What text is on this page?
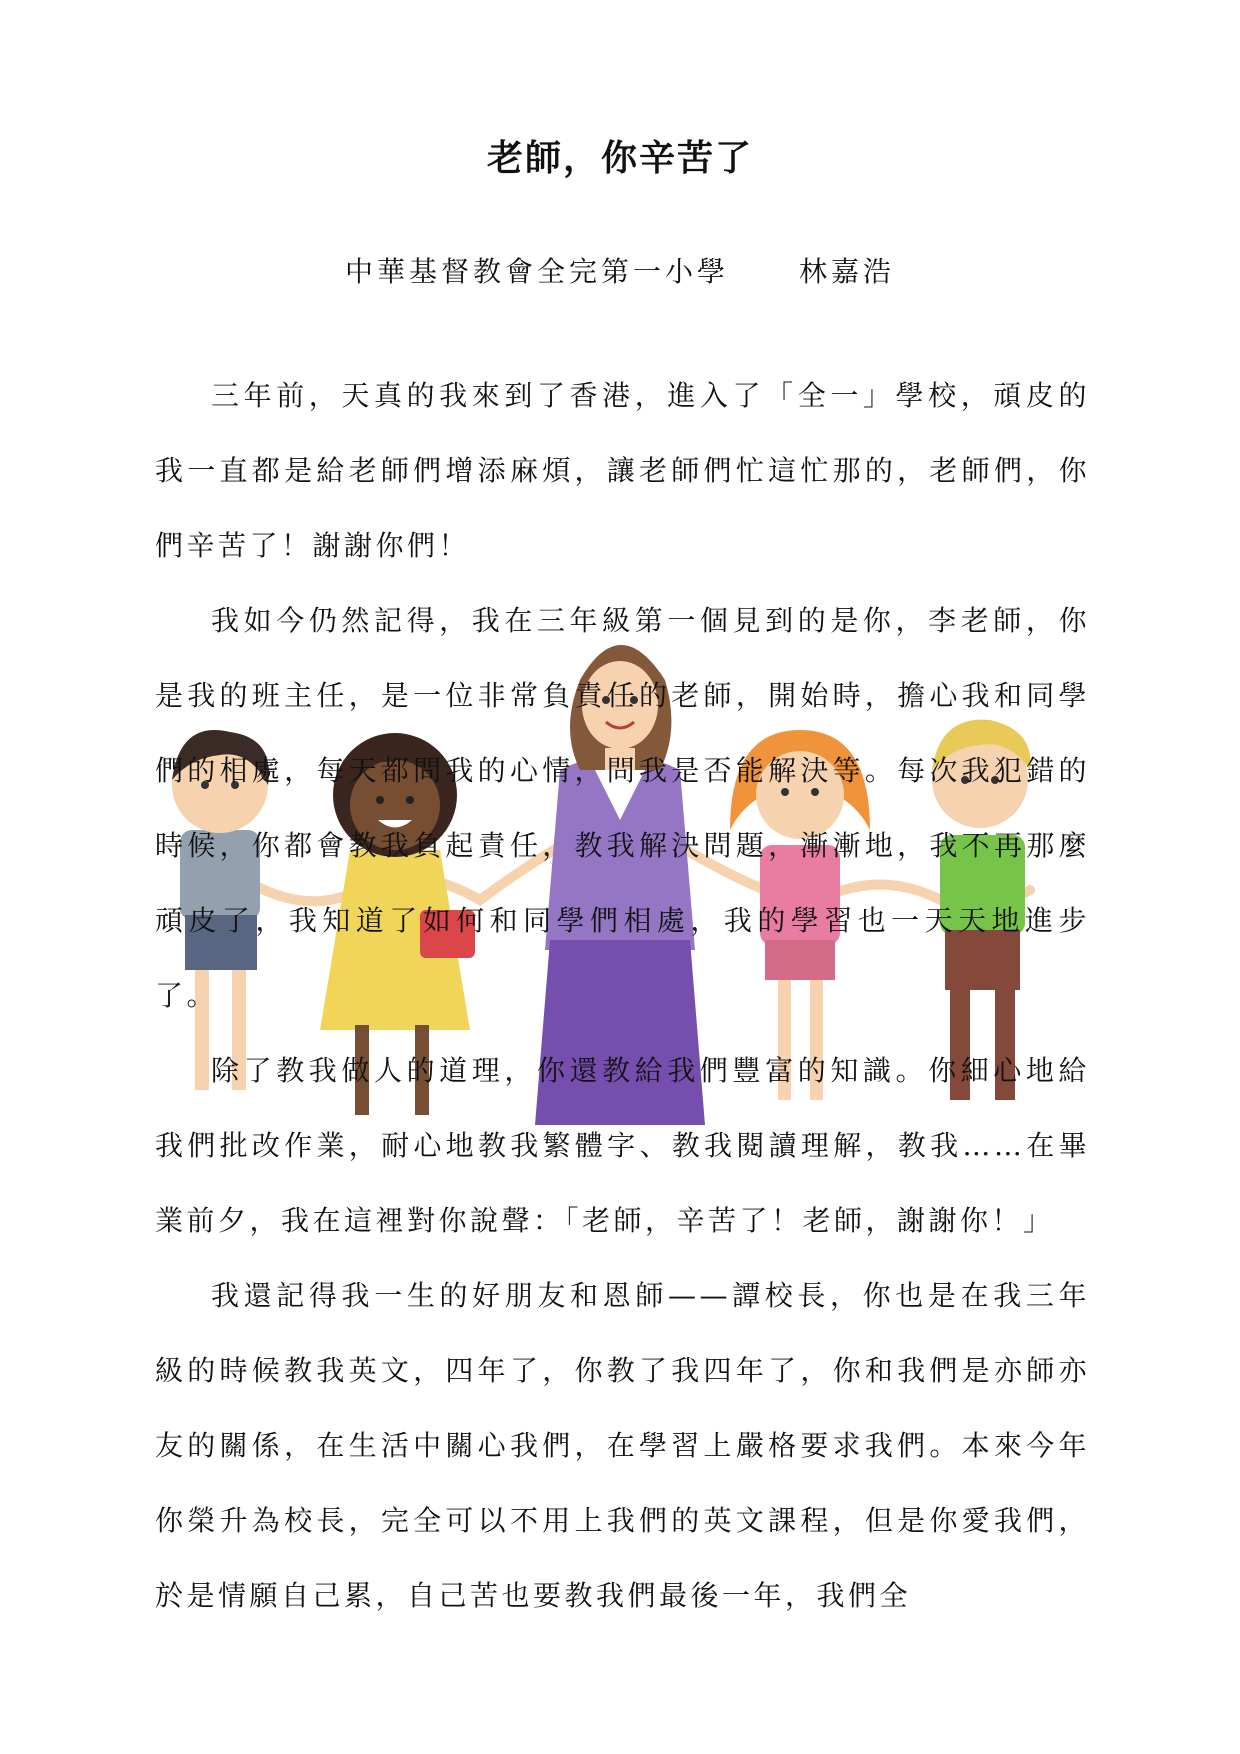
老師，你辛苦了
中華基督教會全完第一小學	林嘉浩

三年前，天真的我來到了香港，進入了「全一」學校，頑皮的我一直都是給老師們增添麻煩，讓老師們忙這忙那的，老師們，你們辛苦了！謝謝你們！

我如今仍然記得，我在三年級第一個見到的是你，李老師，你是我的班主任，是一位非常負責任的老師，開始時，擔心我和同學們的相處，每天都問我的心情，問我是否能解決等。每次我犯錯的時候，你都會教我負起責任，教我解決問題，漸漸地，我不再那麼頑皮了，我知道了如何和同學們相處，我的學習也一天天地進步了。

除了教我做人的道理，你還教給我們豐富的知識。你細心地給我們批改作業，耐心地教我繁體字、教我閱讀理解，教我……在畢業前夕，我在這裡對你說聲：「老師，辛苦了！老師，謝謝你！」

我還記得我一生的好朋友和恩師——譚校長，你也是在我三年級的時候教我英文，四年了，你教了我四年了，你和我們是亦師亦友的關係，在生活中關心我們，在學習上嚴格要求我們。本來今年你榮升為校長，完全可以不用上我們的英文課程，但是你愛我們，於是情願自己累，自己苦也要教我們最後一年，我們全
